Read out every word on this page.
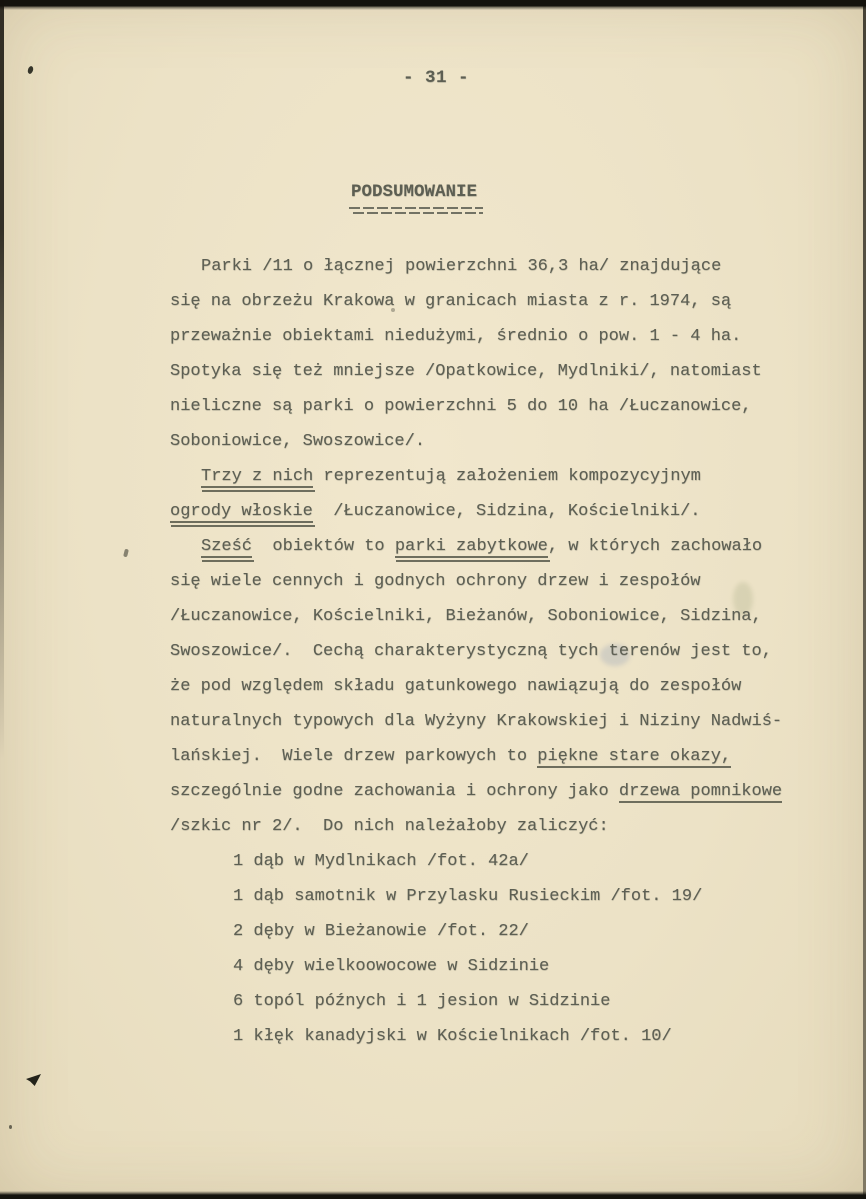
- 31 -
PODSUMOWANIE
Parki /11 o łącznej powierzchni 36,3 ha/ znajdujące
się na obrzeżu Krakowa w granicach miasta z r. 1974, są
przeważnie obiektami niedużymi, średnio o pow. 1 - 4 ha.
Spotyka się też mniejsze /Opatkowice, Mydlniki/, natomiast
nieliczne są parki o powierzchni 5 do 10 ha /Łuczanowice,
Soboniowice, Swoszowice/.
Trzy z nich reprezentują założeniem kompozycyjnym
ogrody włoskie  /Łuczanowice, Sidzina, Kościelniki/.
Sześć  obiektów to parki zabytkowe, w których zachowało
się wiele cennych i godnych ochrony drzew i zespołów
/Łuczanowice, Kościelniki, Bieżanów, Soboniowice, Sidzina,
Swoszowice/.  Cechą charakterystyczną tych terenów jest to,
że pod względem składu gatunkowego nawiązują do zespołów
naturalnych typowych dla Wyżyny Krakowskiej i Niziny Nadwiś-
lańskiej.  Wiele drzew parkowych to piękne stare okazy,
szczególnie godne zachowania i ochrony jako drzewa pomnikowe
/szkic nr 2/.  Do nich należałoby zaliczyć:
1 dąb w Mydlnikach /fot. 42a/
1 dąb samotnik w Przylasku Rusieckim /fot. 19/
2 dęby w Bieżanowie /fot. 22/
4 dęby wielkoowocowe w Sidzinie
6 topól późnych i 1 jesion w Sidzinie
1 kłęk kanadyjski w Kościelnikach /fot. 10/
